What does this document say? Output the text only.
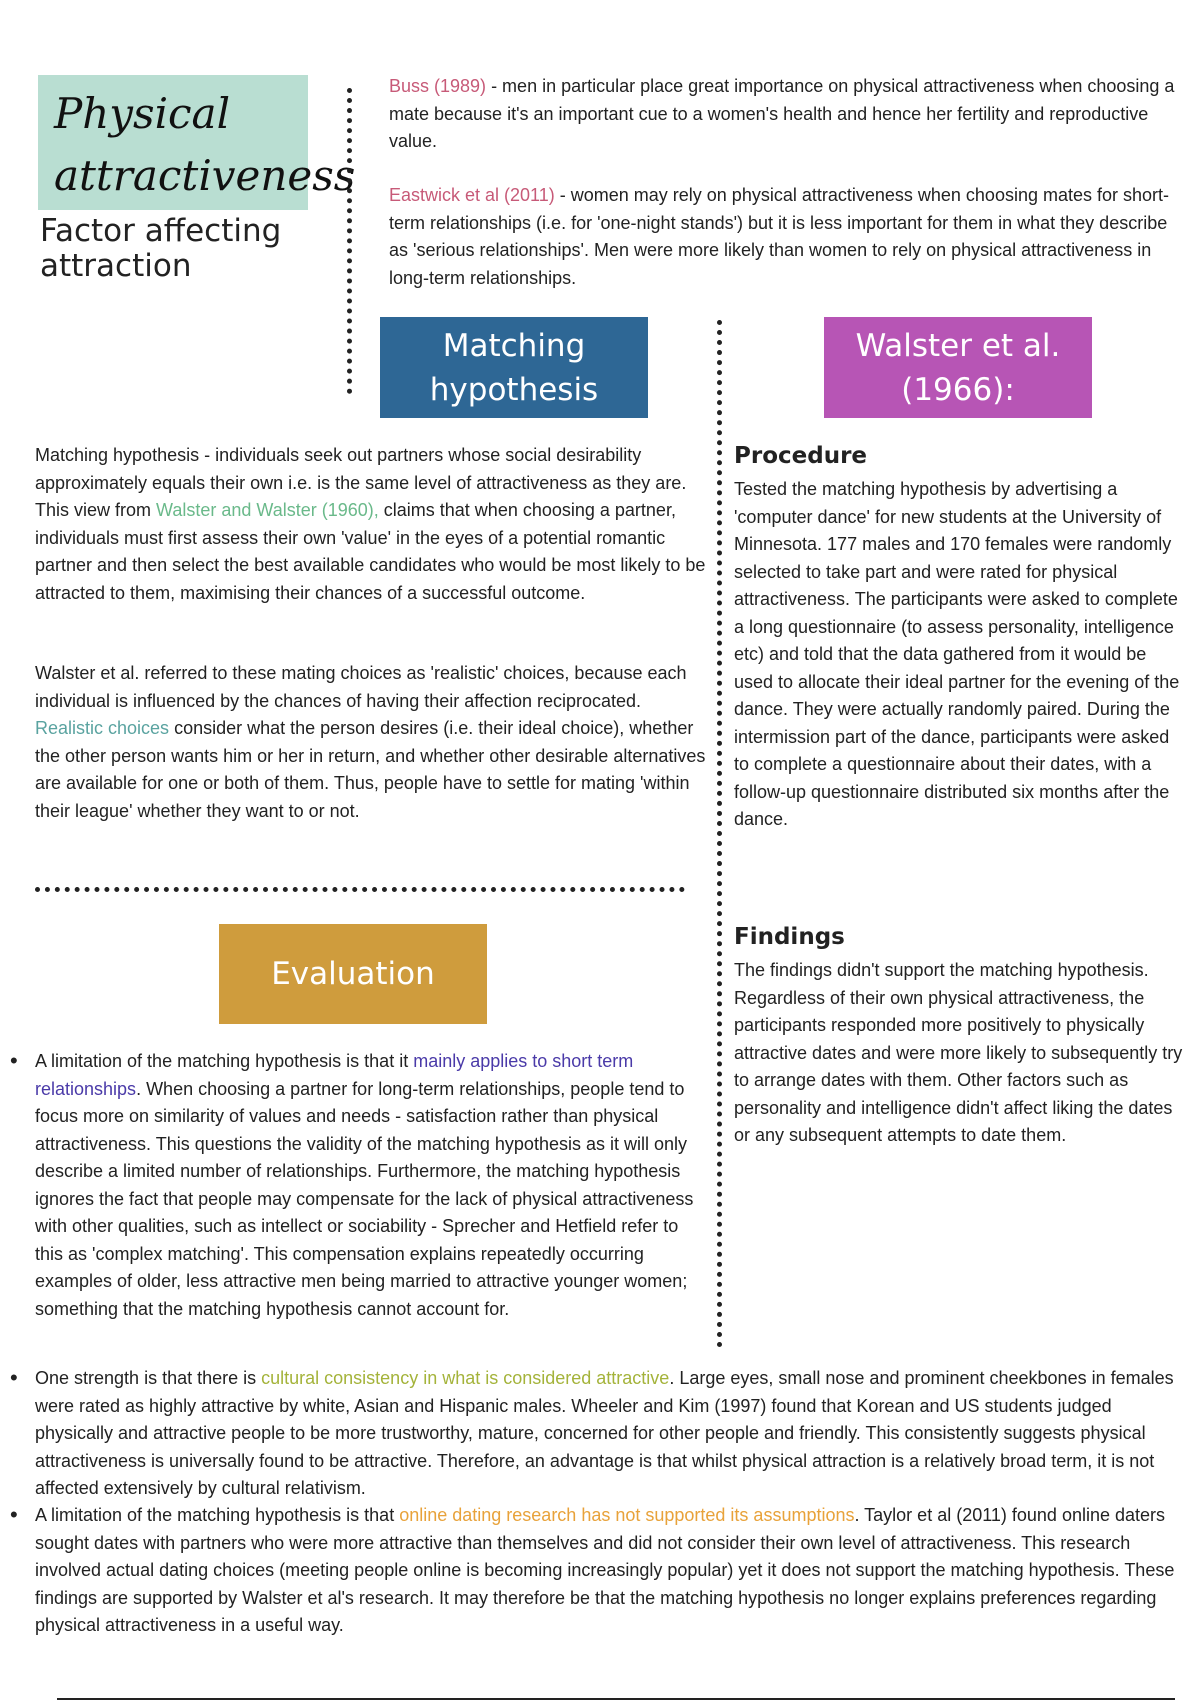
Physical
attractiveness
Factor affecting
attraction
Buss (1989) - men in particular place great importance on physical attractiveness when choosing a mate because it's an important cue to a women's health and hence her fertility and reproductive value.
Eastwick et al (2011) - women may rely on physical attractiveness when choosing mates for short-term relationships (i.e. for 'one-night stands') but it is less important for them in what they describe as 'serious relationships'. Men were more likely than women to rely on physical attractiveness in long-term relationships.
Matching hypothesis
Walster et al. (1966):
Matching hypothesis - individuals seek out partners whose social desirability approximately equals their own i.e. is the same level of attractiveness as they are. This view from Walster and Walster (1960), claims that when choosing a partner, individuals must first assess their own 'value' in the eyes of a potential romantic partner and then select the best available candidates who would be most likely to be attracted to them, maximising their chances of a successful outcome.
Walster et al. referred to these mating choices as 'realistic' choices, because each individual is influenced by the chances of having their affection reciprocated. Realistic choices consider what the person desires (i.e. their ideal choice), whether the other person wants him or her in return, and whether other desirable alternatives are available for one or both of them. Thus, people have to settle for mating 'within their league' whether they want to or not.
Procedure
Tested the matching hypothesis by advertising a 'computer dance' for new students at the University of Minnesota. 177 males and 170 females were randomly selected to take part and were rated for physical attractiveness. The participants were asked to complete a long questionnaire (to assess personality, intelligence etc) and told that the data gathered from it would be used to allocate their ideal partner for the evening of the dance. They were actually randomly paired. During the intermission part of the dance, participants were asked to complete a questionnaire about their dates, with a follow-up questionnaire distributed six months after the dance.
Findings
The findings didn't support the matching hypothesis. Regardless of their own physical attractiveness, the participants responded more positively to physically attractive dates and were more likely to subsequently try to arrange dates with them. Other factors such as personality and intelligence didn't affect liking the dates or any subsequent attempts to date them.
Evaluation
• A limitation of the matching hypothesis is that it mainly applies to short term relationships. When choosing a partner for long-term relationships, people tend to focus more on similarity of values and needs - satisfaction rather than physical attractiveness. This questions the validity of the matching hypothesis as it will only describe a limited number of relationships. Furthermore, the matching hypothesis ignores the fact that people may compensate for the lack of physical attractiveness with other qualities, such as intellect or sociability - Sprecher and Hetfield refer to this as 'complex matching'. This compensation explains repeatedly occurring examples of older, less attractive men being married to attractive younger women; something that the matching hypothesis cannot account for.
• One strength is that there is cultural consistency in what is considered attractive. Large eyes, small nose and prominent cheekbones in females were rated as highly attractive by white, Asian and Hispanic males. Wheeler and Kim (1997) found that Korean and US students judged physically and attractive people to be more trustworthy, mature, concerned for other people and friendly. This consistently suggests physical attractiveness is universally found to be attractive. Therefore, an advantage is that whilst physical attraction is a relatively broad term, it is not affected extensively by cultural relativism.
• A limitation of the matching hypothesis is that online dating research has not supported its assumptions. Taylor et al (2011) found online daters sought dates with partners who were more attractive than themselves and did not consider their own level of attractiveness. This research involved actual dating choices (meeting people online is becoming increasingly popular) yet it does not support the matching hypothesis. These findings are supported by Walster et al's research. It may therefore be that the matching hypothesis no longer explains preferences regarding physical attractiveness in a useful way.
